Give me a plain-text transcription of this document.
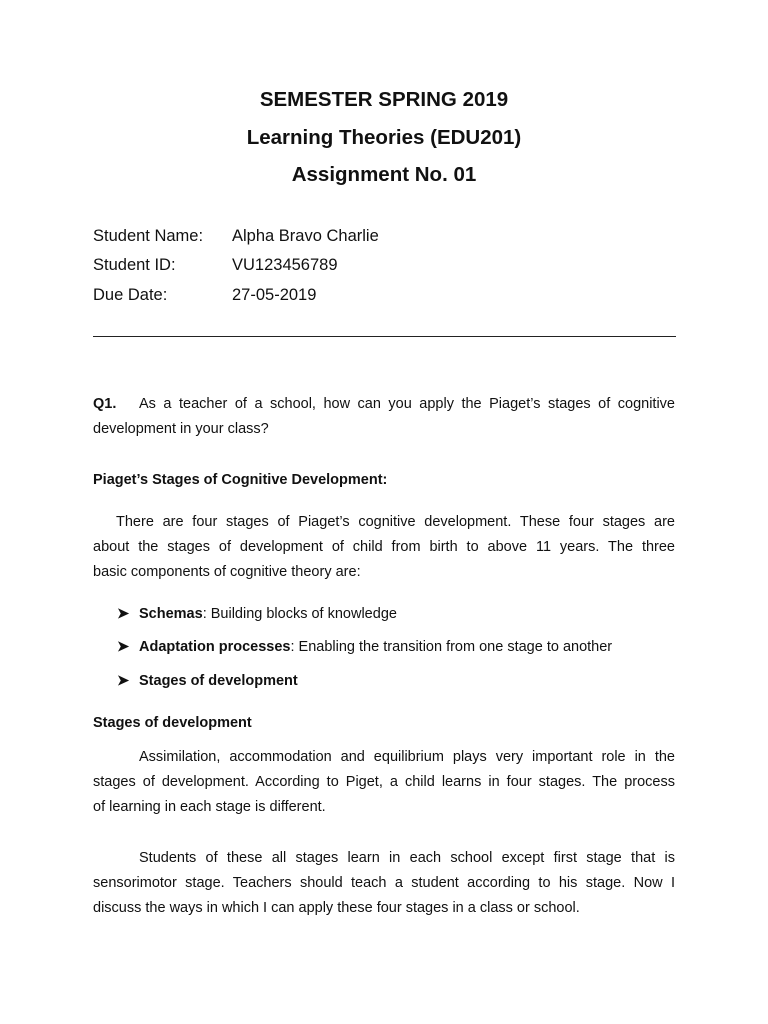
SEMESTER SPRING 2019
Learning Theories (EDU201)
Assignment No. 01
Student Name: Alpha Bravo Charlie
Student ID:	VU123456789
Due Date:	27-05-2019
Q1.	As a teacher of a school, how can you apply the Piaget’s stages of cognitive
development in your class?
Piaget’s Stages of Cognitive Development:
There are four stages of Piaget’s cognitive development. These four stages are
about the stages of development of child from birth to above 11 years. The three
basic components of cognitive theory are:
➤ Schemas: Building blocks of knowledge
➤ Adaptation processes: Enabling the transition from one stage to another
➤ Stages of development
Stages of development
Assimilation, accommodation and equilibrium plays very important role in the
stages of development. According to Piget, a child learns in four stages. The process
of learning in each stage is different.
Students of these all stages learn in each school except first stage that is
sensorimotor stage. Teachers should teach a student according to his stage. Now I
discuss the ways in which I can apply these four stages in a class or school.
